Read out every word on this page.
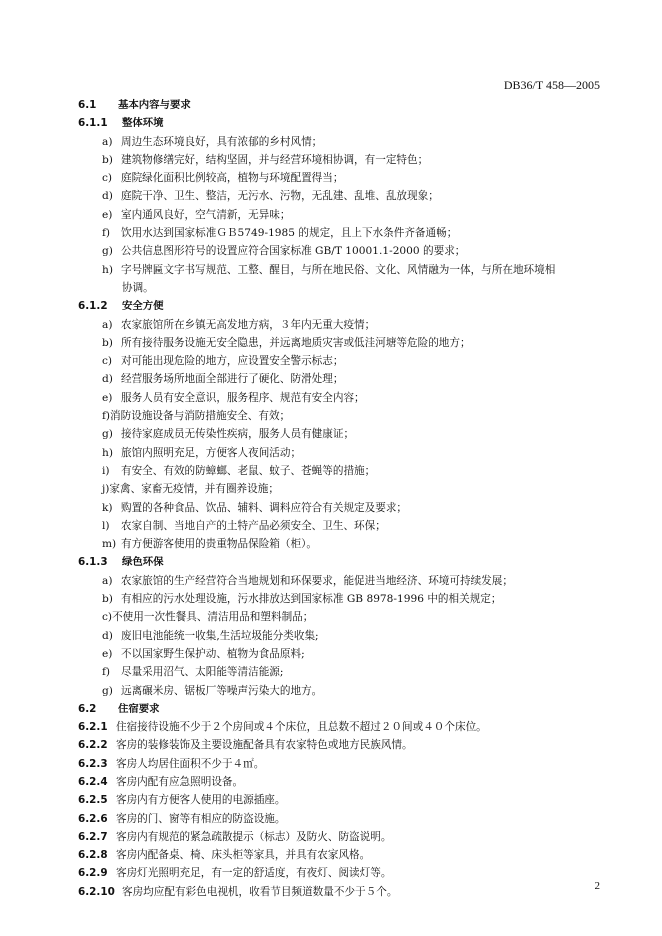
DB36/T 458—2005
6.1 基本内容与要求
6.1.1 整体环境
a) 周边生态环境良好，具有浓郁的乡村风情；
b) 建筑物修缮完好，结构坚固，并与经营环境相协调，有一定特色；
c) 庭院绿化面积比例较高，植物与环境配置得当；
d) 庭院干净、卫生、整洁，无污水、污物，无乱建、乱堆、乱放现象；
e) 室内通风良好，空气清新，无异味；
f) 饮用水达到国家标准ＧＢ5749-1985 的规定，且上下水条件齐备通畅；
g) 公共信息图形符号的设置应符合国家标准 GB/T 10001.1-2000 的要求；
h) 字号牌匾文字书写规范、工整、醒目，与所在地民俗、文化、风情融为一体，与所在地环境相
协调。
6.1.2 安全方便
a) 农家旅馆所在乡镇无高发地方病，３年内无重大疫情；
b) 所有接待服务设施无安全隐患，并远离地质灾害或低洼河塘等危险的地方；
c) 对可能出现危险的地方，应设置安全警示标志；
d) 经营服务场所地面全部进行了硬化、防滑处理；
e) 服务人员有安全意识，服务程序、规范有安全内容；
f)消防设施设备与消防措施安全、有效；
g) 接待家庭成员无传染性疾病，服务人员有健康证；
h) 旅馆内照明充足，方便客人夜间活动；
i) 有安全、有效的防蟑螂、老鼠、蚊子、苍蝇等的措施；
j)家禽、家畜无疫情，并有圈养设施；
k) 购置的各种食品、饮品、辅料、调料应符合有关规定及要求；
l) 农家自制、当地自产的土特产品必须安全、卫生、环保；
m) 有方便游客使用的贵重物品保险箱（柜）。
6.1.3 绿色环保
a) 农家旅馆的生产经营符合当地规划和环保要求，能促进当地经济、环境可持续发展；
b) 有相应的污水处理设施，污水排放达到国家标准 GB 8978-1996 中的相关规定；
c)不使用一次性餐具、清洁用品和塑料制品；
d) 废旧电池能统一收集,生活垃圾能分类收集;
e) 不以国家野生保护动、植物为食品原料;
f) 尽量采用沼气、太阳能等清洁能源;
g) 远离碾米房、锯板厂等噪声污染大的地方。
6.2 住宿要求
6.2.1 住宿接待设施不少于２个房间或４个床位，且总数不超过２０间或４０个床位。
6.2.2 客房的装修装饰及主要设施配备具有农家特色或地方民族风情。
6.2.3 客房人均居住面积不少于４㎡。
6.2.4 客房内配有应急照明设备。
6.2.5 客房内有方便客人使用的电源插座。
6.2.6 客房的门、窗等有相应的防盗设施。
6.2.7 客房内有规范的紧急疏散提示（标志）及防火、防盗说明。
6.2.8 客房内配备桌、椅、床头柜等家具，并具有农家风格。
6.2.9 客房灯光照明充足，有一定的舒适度，有夜灯、阅读灯等。
6.2.10 客房均应配有彩色电视机，收看节目频道数量不少于５个。	2
